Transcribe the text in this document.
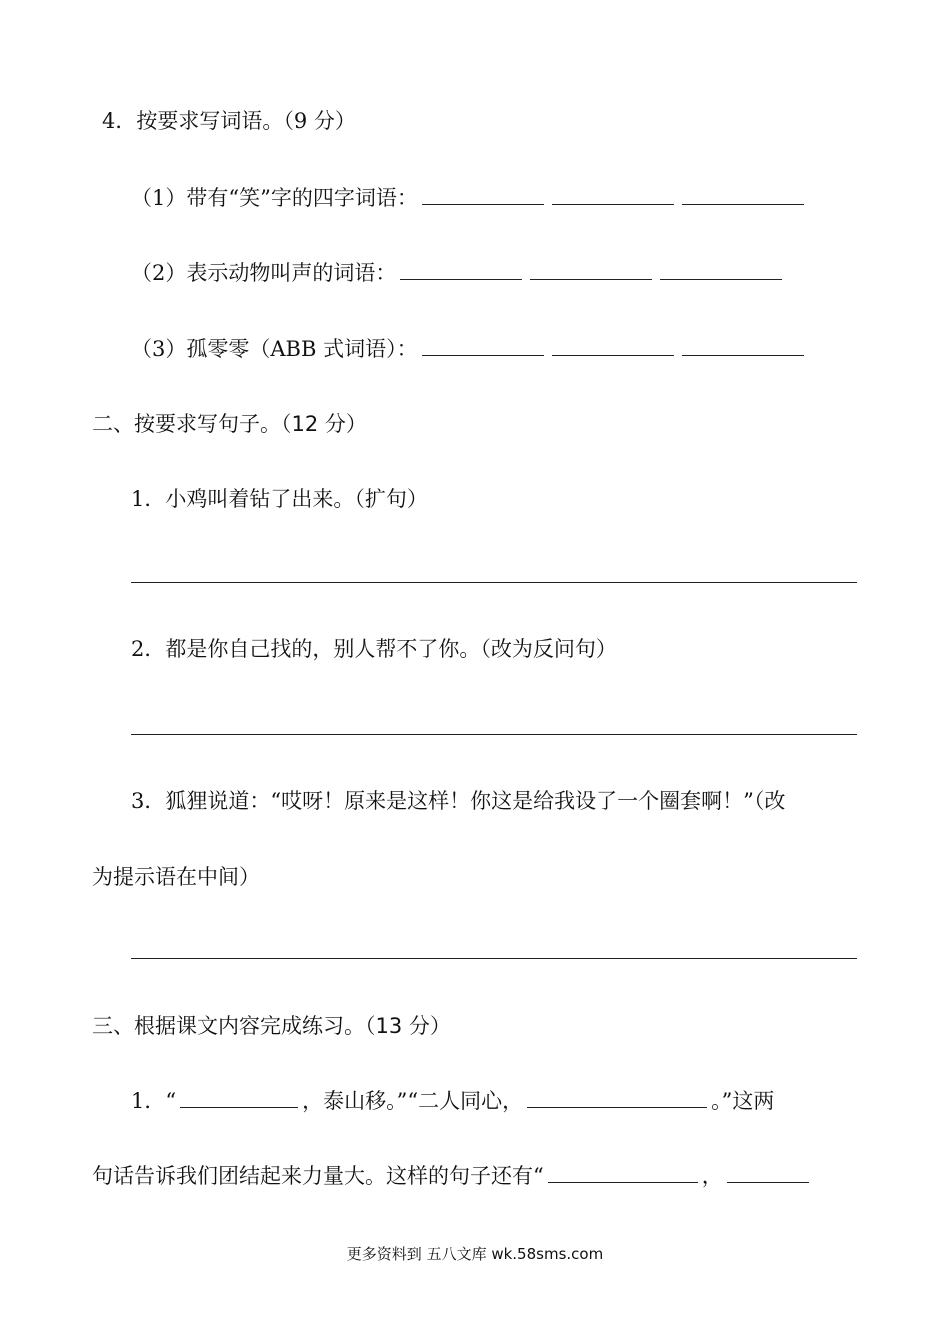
4．按要求写词语。（9 分）
（1）带有“笑”字的四字词语：
（2）表示动物叫声的词语：
（3）孤零零（ABB 式词语）：
二、按要求写句子。（12 分）
1．小鸡叫着钻了出来。（扩句）
2．都是你自己找的，别人帮不了你。（改为反问句）
3．狐狸说道：“哎呀！原来是这样！你这是给我设了一个圈套啊！”（改
为提示语在中间）
三、根据课文内容完成练习。（13 分）
1．“	，泰山移。”“二人同心，	。”这两
句话告诉我们团结起来力量大。这样的句子还有“	，
更多资料到 五八文库 wk.58sms.com
